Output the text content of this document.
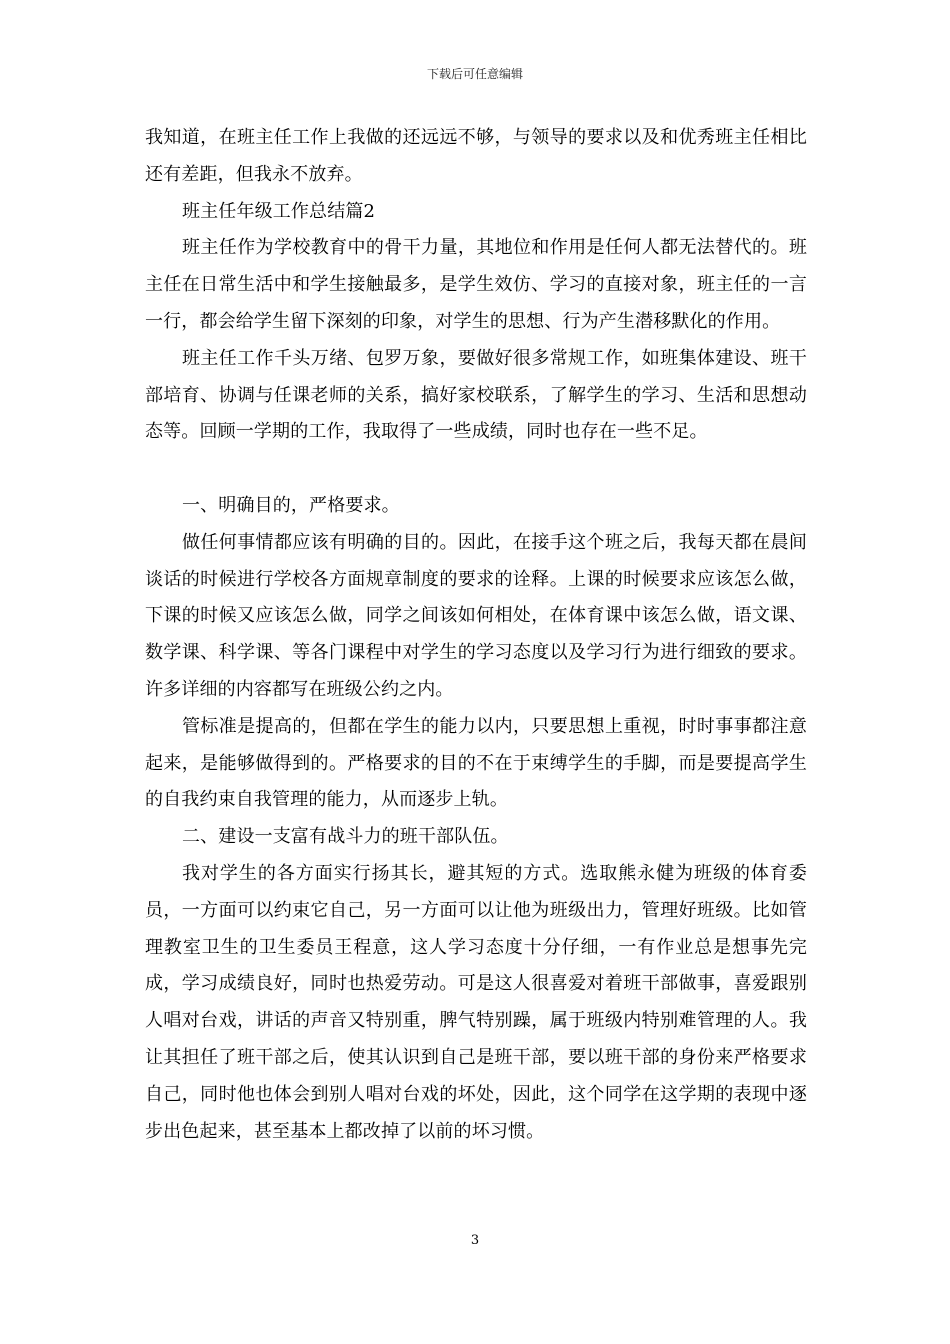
下载后可任意编辑

我知道，在班主任工作上我做的还远远不够，与领导的要求以及和优秀班主任相比还有差距，但我永不放弃。

班主任年级工作总结篇2

班主任作为学校教育中的骨干力量，其地位和作用是任何人都无法替代的。班主任在日常生活中和学生接触最多，是学生效仿、学习的直接对象，班主任的一言一行，都会给学生留下深刻的印象，对学生的思想、行为产生潜移默化的作用。

班主任工作千头万绪、包罗万象，要做好很多常规工作，如班集体建设、班干部培育、协调与任课老师的关系，搞好家校联系，了解学生的学习、生活和思想动态等。回顾一学期的工作，我取得了一些成绩，同时也存在一些不足。

一、明确目的，严格要求。

做任何事情都应该有明确的目的。因此，在接手这个班之后，我每天都在晨间谈话的时候进行学校各方面规章制度的要求的诠释。上课的时候要求应该怎么做，下课的时候又应该怎么做，同学之间该如何相处，在体育课中该怎么做，语文课、数学课、科学课、等各门课程中对学生的学习态度以及学习行为进行细致的要求。许多详细的内容都写在班级公约之内。

管标准是提高的，但都在学生的能力以内，只要思想上重视，时时事事都注意起来，是能够做得到的。严格要求的目的不在于束缚学生的手脚，而是要提高学生的自我约束自我管理的能力，从而逐步上轨。

二、建设一支富有战斗力的班干部队伍。

我对学生的各方面实行扬其长，避其短的方式。选取熊永健为班级的体育委员，一方面可以约束它自己，另一方面可以让他为班级出力，管理好班级。比如管理教室卫生的卫生委员王程意，这人学习态度十分仔细，一有作业总是想事先完成，学习成绩良好，同时也热爱劳动。可是这人很喜爱对着班干部做事，喜爱跟别人唱对台戏，讲话的声音又特别重，脾气特别躁，属于班级内特别难管理的人。我让其担任了班干部之后，使其认识到自己是班干部，要以班干部的身份来严格要求自己，同时他也体会到别人唱对台戏的坏处，因此，这个同学在这学期的表现中逐步出色起来，甚至基本上都改掉了以前的坏习惯。

3
